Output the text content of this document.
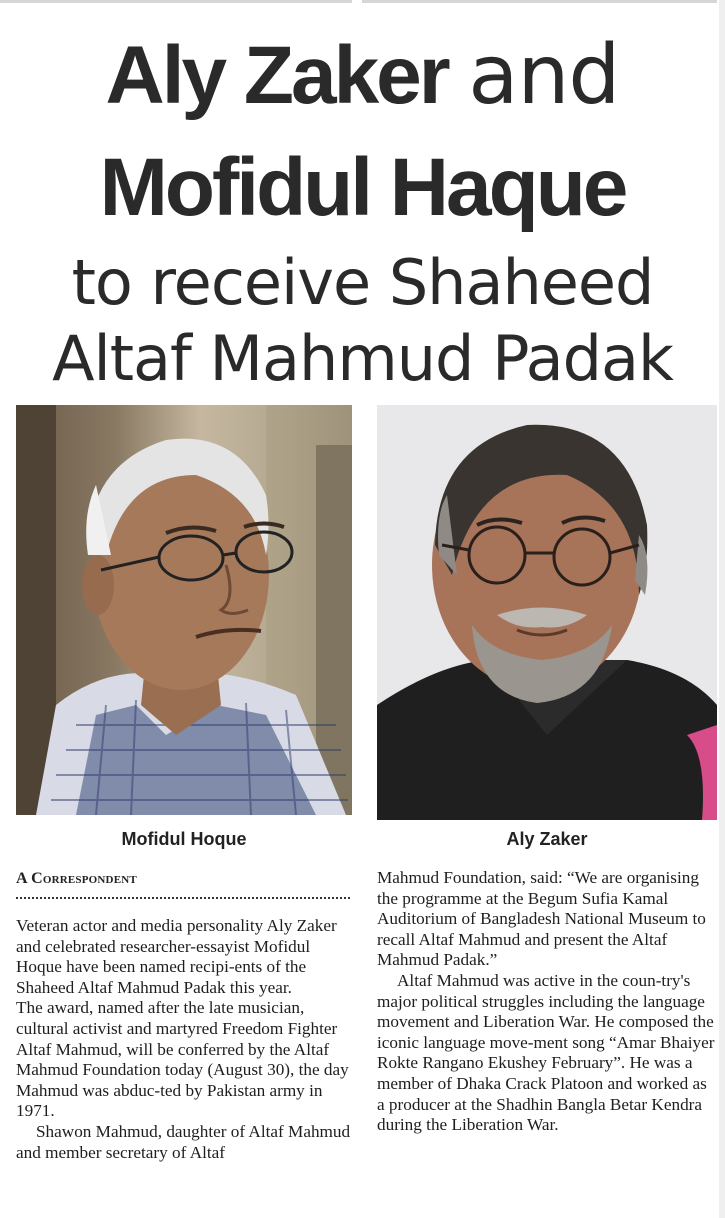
Aly Zaker and
Mofidul Haque
to receive Shaheed
Altaf Mahmud Padak
Mofidul Hoque	Aly Zaker
A Correspondent

Veteran actor and media personality Aly Zaker and celebrated researcher-essayist Mofidul Hoque have been named recipi-ents of the Shaheed Altaf Mahmud Padak this year.

The award, named after the late musician, cultural activist and martyred Freedom Fighter Altaf Mahmud, will be conferred by the Altaf Mahmud Foundation today (August 30), the day Mahmud was abduc-ted by Pakistan army in 1971.

Shawon Mahmud, daughter of Altaf Mahmud and member secretary of Altaf

Mahmud Foundation, said: “We are organising the programme at the Begum Sufia Kamal Auditorium of Bangladesh National Museum to recall Altaf Mahmud and present the Altaf Mahmud Padak.”

Altaf Mahmud was active in the coun-try's major political struggles including the language movement and Liberation War. He composed the iconic language move-ment song “Amar Bhaiyer Rokte Rangano Ekushey February”. He was a member of Dhaka Crack Platoon and worked as a producer at the Shadhin Bangla Betar Kendra during the Liberation War.
